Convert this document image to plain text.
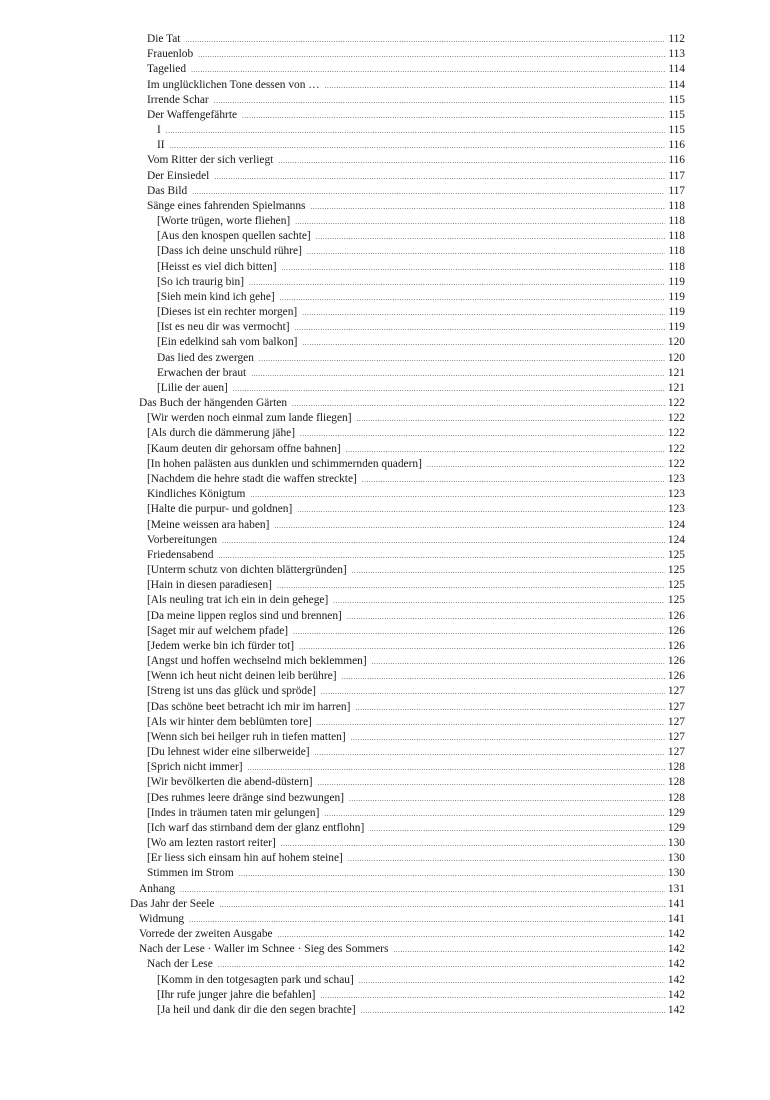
Die Tat .....	112
Frauenlob .....	113
Tagelied .....	114
Im unglücklichen Tone dessen von … .....	114
Irrende Schar .....	115
Der Waffengefährte .....	115
I .....	115
II .....	116
Vom Ritter der sich verliegt .....	116
Der Einsiedel .....	117
Das Bild .....	117
Sänge eines fahrenden Spielmanns .....	118
[Worte trügen, worte fliehen] .....	118
[Aus den knospen quellen sachte] .....	118
[Dass ich deine unschuld rühre] .....	118
[Heisst es viel dich bitten] .....	118
[So ich traurig bin] .....	119
[Sieh mein kind ich gehe] .....	119
[Dieses ist ein rechter morgen] .....	119
[Ist es neu dir was vermocht] .....	119
[Ein edelkind sah vom balkon] .....	120
Das lied des zwergen .....	120
Erwachen der braut .....	121
[Lilie der auen] .....	121
Das Buch der hängenden Gärten .....	122
[Wir werden noch einmal zum lande fliegen] .....	122
[Als durch die dämmerung jähe] .....	122
[Kaum deuten dir gehorsam offne bahnen] .....	122
[In hohen palästen aus dunklen und schimmernden quadern] .....	122
[Nachdem die hehre stadt die waffen streckte] .....	123
Kindliches Königtum .....	123
[Halte die purpur- und goldnen] .....	123
[Meine weissen ara haben] .....	124
Vorbereitungen .....	124
Friedensabend .....	125
[Unterm schutz von dichten blättergründen] .....	125
[Hain in diesen paradiesen] .....	125
[Als neuling trat ich ein in dein gehege] .....	125
[Da meine lippen reglos sind und brennen] .....	126
[Saget mir auf welchem pfade] .....	126
[Jedem werke bin ich fürder tot] .....	126
[Angst und hoffen wechselnd mich beklemmen] .....	126
[Wenn ich heut nicht deinen leib berühre] .....	126
[Streng ist uns das glück und spröde] .....	127
[Das schöne beet betracht ich mir im harren] .....	127
[Als wir hinter dem beblümten tore] .....	127
[Wenn sich bei heilger ruh in tiefen matten] .....	127
[Du lehnest wider eine silberweide] .....	127
[Sprich nicht immer] .....	128
[Wir bevölkerten die abend-düstern] .....	128
[Des ruhmes leere dränge sind bezwungen] .....	128
[Indes in träumen taten mir gelungen] .....	129
[Ich warf das stirnband dem der glanz entflohn] .....	129
[Wo am lezten rastort reiter] .....	130
[Er liess sich einsam hin auf hohem steine] .....	130
Stimmen im Strom .....	130
Anhang .....	131
Das Jahr der Seele .....	141
Widmung .....	141
Vorrede der zweiten Ausgabe .....	142
Nach der Lese · Waller im Schnee · Sieg des Sommers .....	142
Nach der Lese .....	142
[Komm in den totgesagten park und schau] .....	142
[Ihr rufe junger jahre die befahlen] .....	142
[Ja heil und dank dir die den segen brachte] .....	142
